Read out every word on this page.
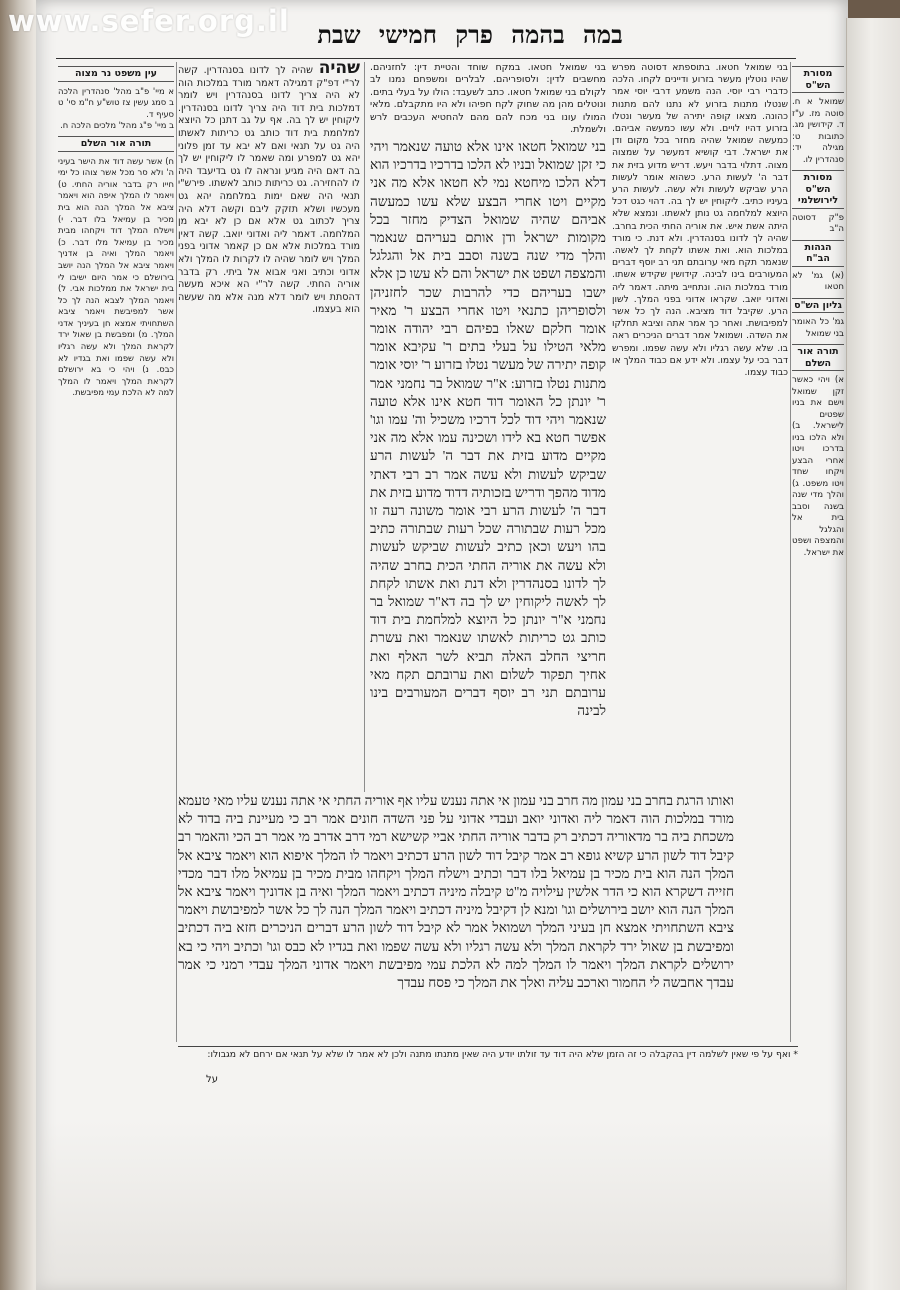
www.sefer.org.il	במה בהמה פרק חמישי שבת
בני שמואל חטאו. במקח שוחד והטיית דין: לחזניהם. מחשבים לדין: ולסופריהם. לבלרים ומשפחם נמנו לב לקולם בני שמואל חטאו. כתב לשעבד: הולו על בעלי בתים. ונוטלים מהן מה שחוק לקח חפיהו ולא היו מתקבלם. מלאי המולו עונו בני מכח להם מהם להחטיא העכבים לרש ולשמלת.
בני שמואל חטאו אינו אלא טועה שנאמר ויהי כי זקן שמואל ובניו לא הלכו בדרכיו בדרכיו הוא דלא הלכו מיחטא נמי לא חטאו אלא מה אני מקיים ויטו אחרי הבצע שלא עשו כמעשה אביהם שהיה שמואל הצדיק מחזר בכל מקומות ישראל ודן אותם בעריהם שנאמר והלך מדי שנה בשנה וסבב בית אל והגלגל והמצפה ושפט את ישראל והם לא עשו כן אלא ישבו בעריהם כדי להרבות שכר לחזניהן ולסופריהן כתנאי ויטו אחרי הבצע ר' מאיר אומר חלקם שאלו בפיהם רבי יהודה אומר מלאי הטילו על בעלי בתים ר' עקיבא אומר קופה יתירה של מעשר נטלו בזרוע ר' יוסי אומר מתנות נטלו בזרוע: א"ר שמואל בר נחמני אמר ר' יונתן כל האומר דוד חטא אינו אלא טועה שנאמר ויהי דוד לכל דרכיו משכיל וה' עמו וגו' אפשר חטא בא לידו ושכינה עמו אלא מה אני מקיים מדוע בזית את דבר ה' לעשות הרע שביקש לעשות ולא עשה אמר רב רבי דאתי מדוד מהפך ודריש בזכותיה דדוד מדוע בזית את דבר ה' לעשות הרע רבי אומר משונה רעה זו מכל רעות שבתורה שכל רעות שבתורה כתיב בהו ויעש וכאן כתיב לעשות שביקש לעשות ולא עשה את אוריה החתי הכית בחרב שהיה לך לדונו בסנהדרין ולא דנת ואת אשתו לקחת לך לאשה ליקוחין יש לך בה דא"ר שמואל בר נחמני א"ר יונתן כל היוצא למלחמת בית דוד כותב גט כריתות לאשתו שנאמר ואת עשרת חריצי החלב האלה תביא לשר האלף ואת אחיך תפקוד לשלום ואת ערובתם תקח מאי ערובתם תני רב יוסף דברים המעורבים בינו לבינה
בני שמואל חטאו. בתוספתא דסוטה מפרש שהיו נוטלין מעשר בזרוע ודיינים לקחו. הלכה כדברי רבי יוסי. הנה משמע דרבי יוסי אמר שנטלו מתנות בזרוע לא נתנו להם מתנות כהונה. מצאו קופה יתירה של מעשר ונטלו בזרוע דהיו לויים. ולא עשו כמעשה אביהם. כמעשה שמואל שהיה מחזר בכל מקום ודן את ישראל. דבי קושיא דמעשר על שמצוה מצוה. דתלוי בדבר ויעש. דריש מדוע בזית את דבר ה' לעשות הרע. כשהוא אומר לעשות הרע שביקש לעשות ולא עשה. לעשות הרע בעיניו כתיב. ליקוחין יש לך בה. דהוי כגט דכל היוצא למלחמה גט נותן לאשתו. ונמצא שלא היתה אשת איש. את אוריה החתי הכית בחרב. שהיה לך לדונו בסנהדרין. ולא דנת. כי מורד במלכות הוא. ואת אשתו לקחת לך לאשה. שנאמר תקח מאי ערובתם תני רב יוסף דברים המעורבים בינו לבינה. קידושין שקידש אשתו. מורד במלכות הוה. ונתחייב מיתה. דאמר ליה ואדוני יואב. שקראו אדוני בפני המלך. לשון הרע. שקיבל דוד מציבא. הנה לך כל אשר למפיבושת. ואחר כך אמר אתה וציבא תחלקו את השדה. ושמואל אמר דברים הניכרים ראה בו. שלא עשה רגליו ולא עשה שפמו. ומפרש דבר בכי על עצמו. ולא ידע אם כבוד המלך או כבוד עצמו.
שהיה שהיה לך לדונו בסנהדרין. קשה לר"י דפ"ק דמגילה דאמר מורד במלכות הוה לא היה צריך לדונו בסנהדרין ויש לומר דמלכות בית דוד היה צריך לדונו בסנהדרין. ליקוחין יש לך בה. אף על גב דתנן כל היוצא למלחמת בית דוד כותב גט כריתות לאשתו היה גט על תנאי ואם לא יבא עד זמן פלוני יהא גט למפרע ומה שאמר לו ליקוחין יש לך בה דאם היה מגיע ונראה לו גט בדיעבד היה לו להחזירה. גט כריתות כותב לאשתו. פירש"י תנאי היה שאם ימות במלחמה יהא גט מעכשיו ושלא תזקק ליבם וקשה דלא היה צריך לכתוב גט אלא אם כן לא יבא מן המלחמה. דאמר ליה ואדוני יואב. קשה דאין מורד במלכות אלא אם כן קאמר אדוני בפני המלך ויש לומר שהיה לו לקרות לו המלך ולא אדוני וכתיב ואני אבוא אל ביתי. רק בדבר אוריה החתי. קשה לר"י הא איכא מעשה דהסתת ויש לומר דלא מנה אלא מה שעשה הוא בעצמו.
ואותו הרגת בחרב בני עמון מה חרב בני עמון אי אתה נענש עליו אף אוריה החתי אי אתה נענש עליו מאי טעמא מורד במלכות הוה דאמר ליה ואדוני יואב ועבדי אדוני על פני השדה חונים אמר רב כי מעיינת ביה בדוד לא משכחת ביה בר מדאוריה דכתיב רק בדבר אוריה החתי אביי קשישא רמי דרב אדרב מי אמר רב הכי והאמר רב קיבל דוד לשון הרע קשיא גופא רב אמר קיבל דוד לשון הרע דכתיב ויאמר לו המלך איפוא הוא ויאמר ציבא אל המלך הנה הוא בית מכיר בן עמיאל בלו דבר וכתיב וישלח המלך ויקחהו מבית מכיר בן עמיאל מלו דבר מכדי חזייה דשקרא הוא כי הדר אלשין עילויה מ"ט קיבלה מיניה דכתיב ויאמר המלך ואיה בן אדוניך ויאמר ציבא אל המלך הנה הוא יושב בירושלים וגו' ומנא לן דקיבל מיניה דכתיב ויאמר המלך הנה לך כל אשר למפיבושת ויאמר ציבא השתחויתי אמצא חן בעיני המלך ושמואל אמר לא קיבל דוד לשון הרע דברים הניכרים חזא ביה דכתיב ומפיבשת בן שאול ירד לקראת המלך ולא עשה רגליו ולא עשה שפמו ואת בגדיו לא כבס וגו' וכתיב ויהי כי בא ירושלים לקראת המלך ויאמר לו המלך למה לא הלכת עמי מפיבשת ויאמר אדוני המלך עבדי רמני כי אמר עבדך אחבשה לי החמור וארכב עליה ואלך את המלך כי פסח עבדך
מסורת הש"ס
שמואל א ח. סוטה מז. ע"ז ד. קידושין מג. כתובות ט: מגילה יד: סנהדרין לו.
מסורת הש"ס לירושלמי
פ"ק דסוטה ה"ב
הגהות הב"ח
(א) גמ' לא חטאו
גליון הש"ס
גמ' כל האומר בני שמואל
תורה אור השלם
א) ויהי כאשר זקן שמואל וישם את בניו שפטים לישראל. ב) ולא הלכו בניו בדרכו ויטו אחרי הבצע ויקחו שחד ויטו משפט. ג) והלך מדי שנה בשנה וסבב בית אל והגלגל והמצפה ושפט את ישראל.
עין משפט נר מצוה
א מיי' פ"ב מהל' סנהדרין הלכה ב סמג עשין צז טוש"ע ח"מ סי' ט סעיף ד.
ב מיי' פ"ג מהל' מלכים הלכה ח.
תורה אור השלם
ח) אשר עשה דוד את הישר בעיני ה' ולא סר מכל אשר צוהו כל ימי חייו רק בדבר אוריה החתי. ט) ויאמר לו המלך איפה הוא ויאמר ציבא אל המלך הנה הוא בית מכיר בן עמיאל בלו דבר. י) וישלח המלך דוד ויקחהו מבית מכיר בן עמיאל מלו דבר. כ) ויאמר המלך ואיה בן אדניך ויאמר ציבא אל המלך הנה יושב בירושלם כי אמר היום ישיבו לי בית ישראל את ממלכות אבי. ל) ויאמר המלך לצבא הנה לך כל אשר למפיבשת ויאמר ציבא השתחויתי אמצא חן בעיניך אדני המלך. מ) ומפבשת בן שאול ירד לקראת המלך ולא עשה רגליו ולא עשה שפמו ואת בגדיו לא כבס. נ) ויהי כי בא ירושלם לקראת המלך ויאמר לו המלך למה לא הלכת עמי מפיבשת.
* ואף על פי שאין לשלמה דין בהקבלה כי זה הזמן שלא היה דוד עד זולתו יודע היה שאין מתנתו מתנה ולכן לא אמר לו שלא על תנאי אם ירחם לא מגבולו:
על
